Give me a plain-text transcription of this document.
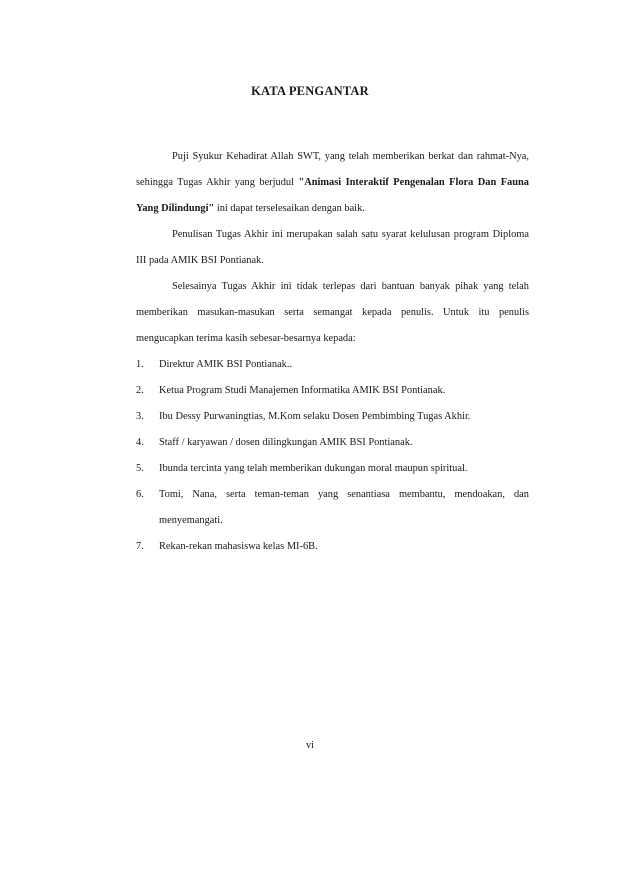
KATA PENGANTAR

Puji Syukur Kehadirat Allah SWT, yang telah memberikan berkat dan rahmat-Nya, sehingga Tugas Akhir yang berjudul "Animasi Interaktif Pengenalan Flora Dan Fauna Yang Dilindungi" ini dapat terselesaikan dengan baik.

Penulisan Tugas Akhir ini merupakan salah satu syarat kelulusan program Diploma III pada AMIK BSI Pontianak.

Selesainya Tugas Akhir ini tidak terlepas dari bantuan banyak pihak yang telah memberikan masukan-masukan serta semangat kepada penulis. Untuk itu penulis mengucapkan terima kasih sebesar-besarnya kepada:

1. Direktur AMIK BSI Pontianak..
2. Ketua Program Studi Manajemen Informatika AMIK BSI Pontianak.
3. Ibu Dessy Purwaningtias, M.Kom selaku Dosen Pembimbing Tugas Akhir.
4. Staff / karyawan / dosen dilingkungan AMIK BSI Pontianak.
5. Ibunda tercinta yang telah memberikan dukungan moral maupun spiritual.
6. Tomi, Nana, serta teman-teman yang senantiasa membantu, mendoakan, dan menyemangati.
7. Rekan-rekan mahasiswa kelas MI-6B.
vi
